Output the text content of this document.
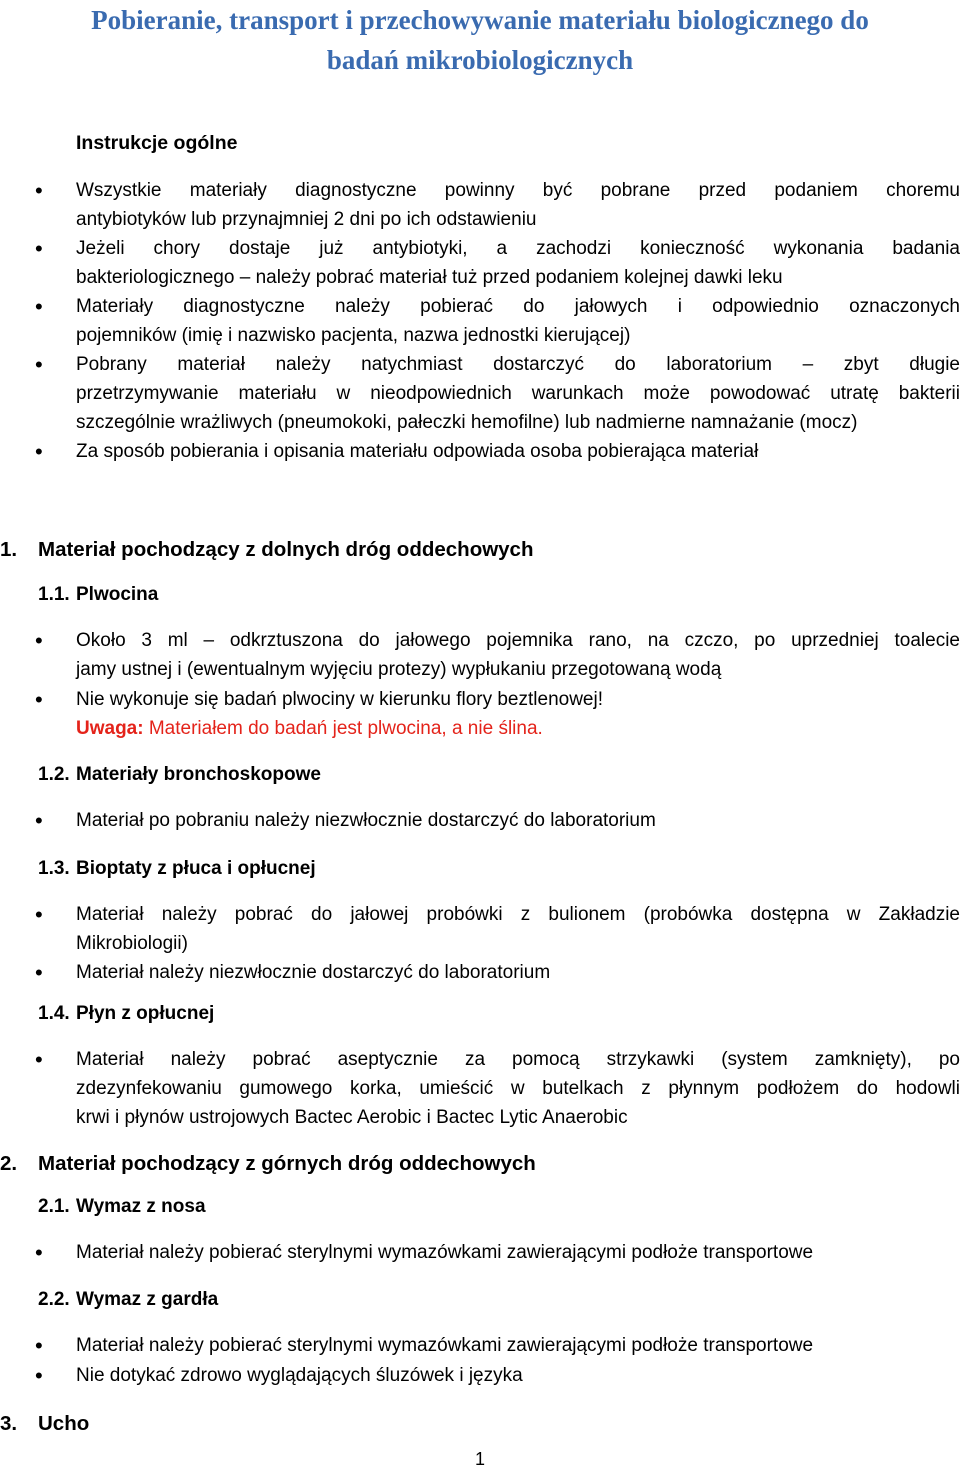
Pobieranie, transport i przechowywanie materiału biologicznego do
badań mikrobiologicznych
Instrukcje ogólne
• Wszystkie materiały diagnostyczne powinny być pobrane przed podaniem choremu
antybiotyków lub przynajmniej 2 dni po ich odstawieniu
• Jeżeli chory dostaje już antybiotyki, a zachodzi konieczność wykonania badania
bakteriologicznego – należy pobrać materiał tuż przed podaniem kolejnej dawki leku
• Materiały diagnostyczne należy pobierać do jałowych i odpowiednio oznaczonych
pojemników (imię i nazwisko pacjenta, nazwa jednostki kierującej)
• Pobrany materiał należy natychmiast dostarczyć do laboratorium – zbyt długie
przetrzymywanie materiału w nieodpowiednich warunkach może powodować utratę bakterii
szczególnie wrażliwych (pneumokoki, pałeczki hemofilne) lub nadmierne namnażanie (mocz)
• Za sposób pobierania i opisania materiału odpowiada osoba pobierająca materiał
1. Materiał pochodzący z dolnych dróg oddechowych
1.1. Plwocina
• Około 3 ml – odkrztuszona do jałowego pojemnika rano, na czczo, po uprzedniej toalecie
jamy ustnej i (ewentualnym wyjęciu protezy) wypłukaniu przegotowaną wodą
• Nie wykonuje się badań plwociny w kierunku flory beztlenowej!
Uwaga: Materiałem do badań jest plwocina, a nie ślina.
1.2. Materiały bronchoskopowe
• Materiał po pobraniu należy niezwłocznie dostarczyć do laboratorium
1.3. Bioptaty z płuca i opłucnej
• Materiał należy pobrać do jałowej probówki z bulionem (probówka dostępna w Zakładzie
Mikrobiologii)
• Materiał należy niezwłocznie dostarczyć do laboratorium
1.4. Płyn z opłucnej
• Materiał należy pobrać aseptycznie za pomocą strzykawki (system zamknięty), po
zdezynfekowaniu gumowego korka, umieścić w butelkach z płynnym podłożem do hodowli
krwi i płynów ustrojowych Bactec Aerobic i Bactec Lytic Anaerobic
2. Materiał pochodzący z górnych dróg oddechowych
2.1. Wymaz z nosa
• Materiał należy pobierać sterylnymi wymazówkami zawierającymi podłoże transportowe
2.2. Wymaz z gardła
• Materiał należy pobierać sterylnymi wymazówkami zawierającymi podłoże transportowe
• Nie dotykać zdrowo wyglądających śluzówek i języka
3. Ucho
1
